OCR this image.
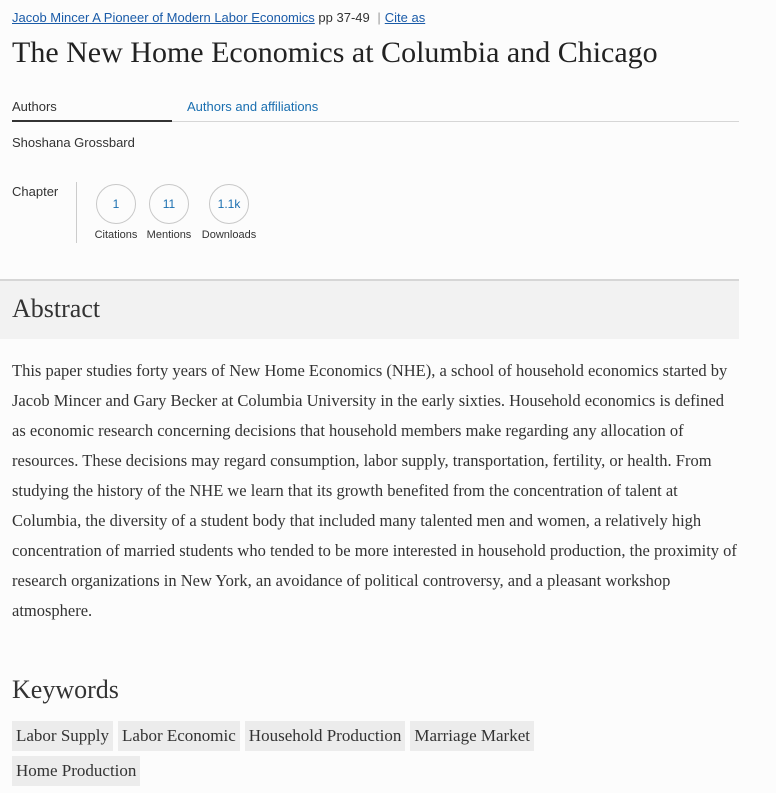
Jacob Mincer A Pioneer of Modern Labor Economics pp 37-49 | Cite as
The New Home Economics at Columbia and Chicago
Authors	Authors and affiliations
Shoshana Grossbard
Chapter
1
Citations
11
Mentions
1.1k
Downloads
Abstract

This paper studies forty years of New Home Economics (NHE), a school of household economics started by Jacob Mincer and Gary Becker at Columbia University in the early sixties. Household economics is defined as economic research concerning decisions that household members make regarding any allocation of resources. These decisions may regard consumption, labor supply, transportation, fertility, or health. From studying the history of the NHE we learn that its growth benefited from the concentration of talent at Columbia, the diversity of a student body that included many talented men and women, a relatively high concentration of married students who tended to be more interested in household production, the proximity of research organizations in New York, an avoidance of political controversy, and a pleasant workshop atmosphere.

Keywords
Labor Supply Labor Economic Household Production Marriage MarketHome Production
